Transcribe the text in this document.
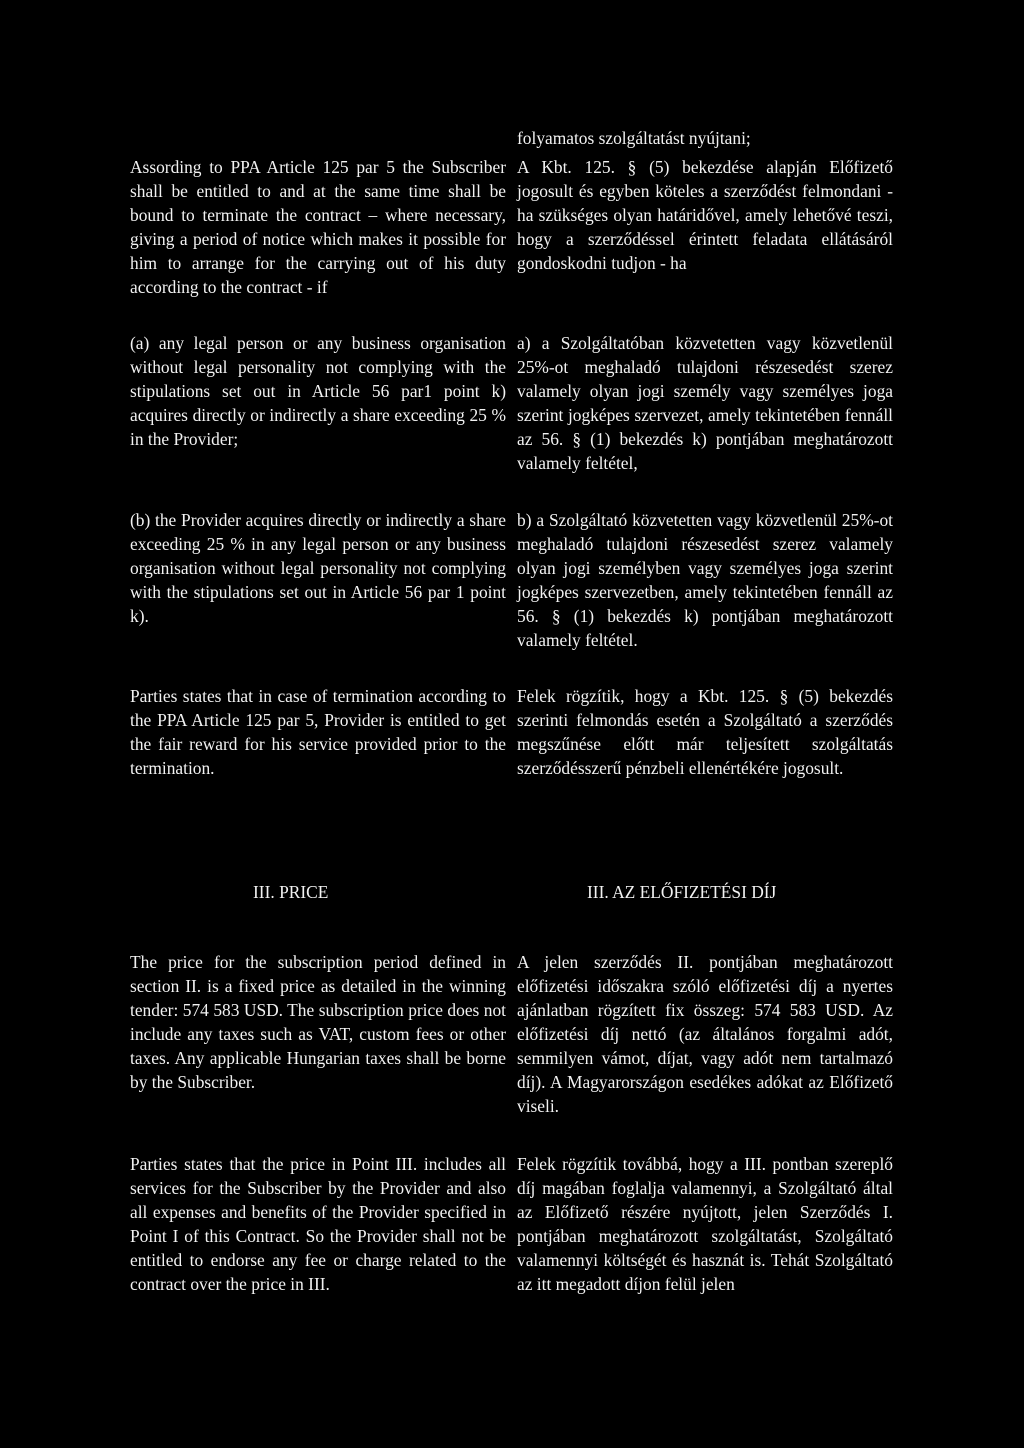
Assording to PPA Article 125 par 5 the Subscriber shall be entitled to and at the same time shall be bound to terminate the contract – where necessary, giving a period of notice which makes it possible for him to arrange for the carrying out of his duty according to the contract - if

(a) any legal person or any business organisation without legal personality not complying with the stipulations set out in Article 56 par1 point k) acquires directly or indirectly a share exceeding 25 % in the Provider;

(b) the Provider acquires directly or indirectly a share exceeding 25 % in any legal person or any business organisation without legal personality not complying with the stipulations set out in Article 56 par 1 point k).

Parties states that in case of termination according to the PPA Article 125 par 5, Provider is entitled to get the fair reward for his service provided prior to the termination.

The price for the subscription period defined in section II. is a fixed price as detailed in the winning tender: 574 583 USD. The subscription price does not include any taxes such as VAT, custom fees or other taxes. Any applicable Hungarian taxes shall be borne by the Subscriber.

Parties states that the price in Point III. includes all services for the Subscriber by the Provider and also all expenses and benefits of the Provider specified in Point I of this Contract. So the Provider shall not be entitled to endorse any fee or charge related to the contract over the price in III.

III. PRICE

folyamatos szolgáltatást nyújtani;

A Kbt. 125. § (5) bekezdése alapján Előfizető jogosult és egyben köteles a szerződést felmondani - ha szükséges olyan határidővel, amely lehetővé teszi, hogy a szerződéssel érintett feladata ellátásáról gondoskodni tudjon - ha

a) a Szolgáltatóban közvetetten vagy közvetlenül 25%-ot meghaladó tulajdoni részesedést szerez valamely olyan jogi személy vagy személyes joga szerint jogképes szervezet, amely tekintetében fennáll az 56. § (1) bekezdés k) pontjában meghatározott valamely feltétel,

b) a Szolgáltató közvetetten vagy közvetlenül 25%-ot meghaladó tulajdoni részesedést szerez valamely olyan jogi személyben vagy személyes joga szerint jogképes szervezetben, amely tekintetében fennáll az 56. § (1) bekezdés k) pontjában meghatározott valamely feltétel.

Felek rögzítik, hogy a Kbt. 125. § (5) bekezdés szerinti felmondás esetén a Szolgáltató a szerződés megszűnése előtt már teljesített szolgáltatás szerződésszerű pénzbeli ellenértékére jogosult.

A jelen szerződés II. pontjában meghatározott előfizetési időszakra szóló előfizetési díj a nyertes ajánlatban rögzített fix összeg: 574 583 USD. Az előfizetési díj nettó (az általános forgalmi adót, semmilyen vámot, díjat, vagy adót nem tartalmazó díj). A Magyarországon esedékes adókat az Előfizető viseli.

Felek rögzítik továbbá, hogy a III. pontban szereplő díj magában foglalja valamennyi, a Szolgáltató által az Előfizető részére nyújtott, jelen Szerződés I. pontjában meghatározott szolgáltatást, Szolgáltató valamennyi költségét és hasznát is. Tehát Szolgáltató az itt megadott díjon felül jelen

III. AZ ELŐFIZETÉSI DÍJ
